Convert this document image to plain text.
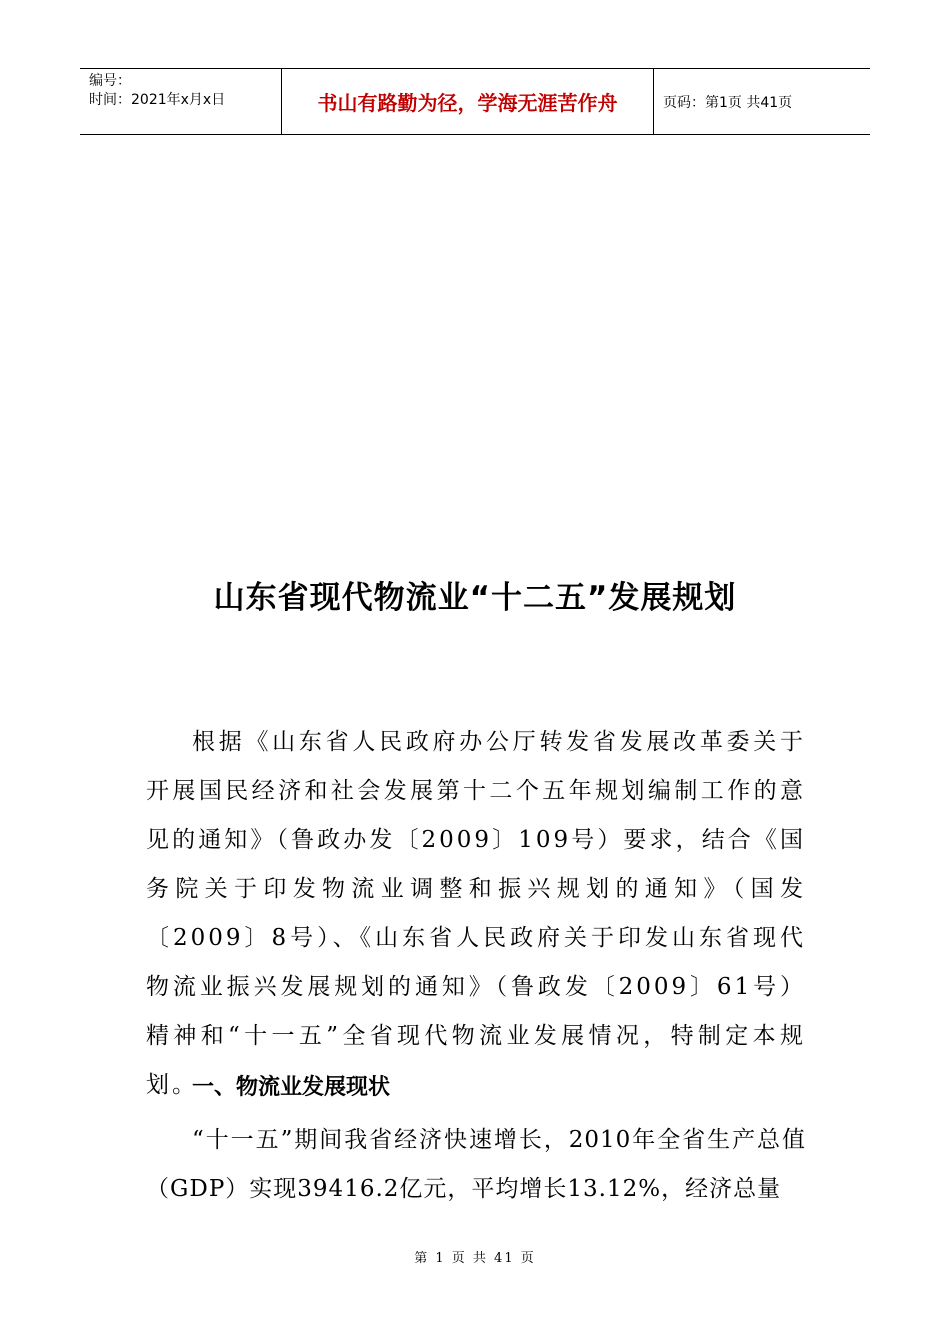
编号：
时间：2021年x月x日	书山有路勤为径，学海无涯苦作舟	页码：第1页 共41页
山东省现代物流业“十二五”发展规划
根据《山东省人民政府办公厅转发省发展改革委关于开展国民经济和社会发展第十二个五年规划编制工作的意见的通知》（鲁政办发〔2009〕109号）要求，结合《国务院关于印发物流业调整和振兴规划的通知》（国发〔2009〕8号）、《山东省人民政府关于印发山东省现代物流业振兴发展规划的通知》（鲁政发〔2009〕61号）精神和“十一五”全省现代物流业发展情况，特制定本规划。
一、物流业发展现状
“十一五”期间我省经济快速增长，2010年全省生产总值（GDP）实现39416.2亿元，平均增长13.12%，经济总量
第 1 页 共 41 页
